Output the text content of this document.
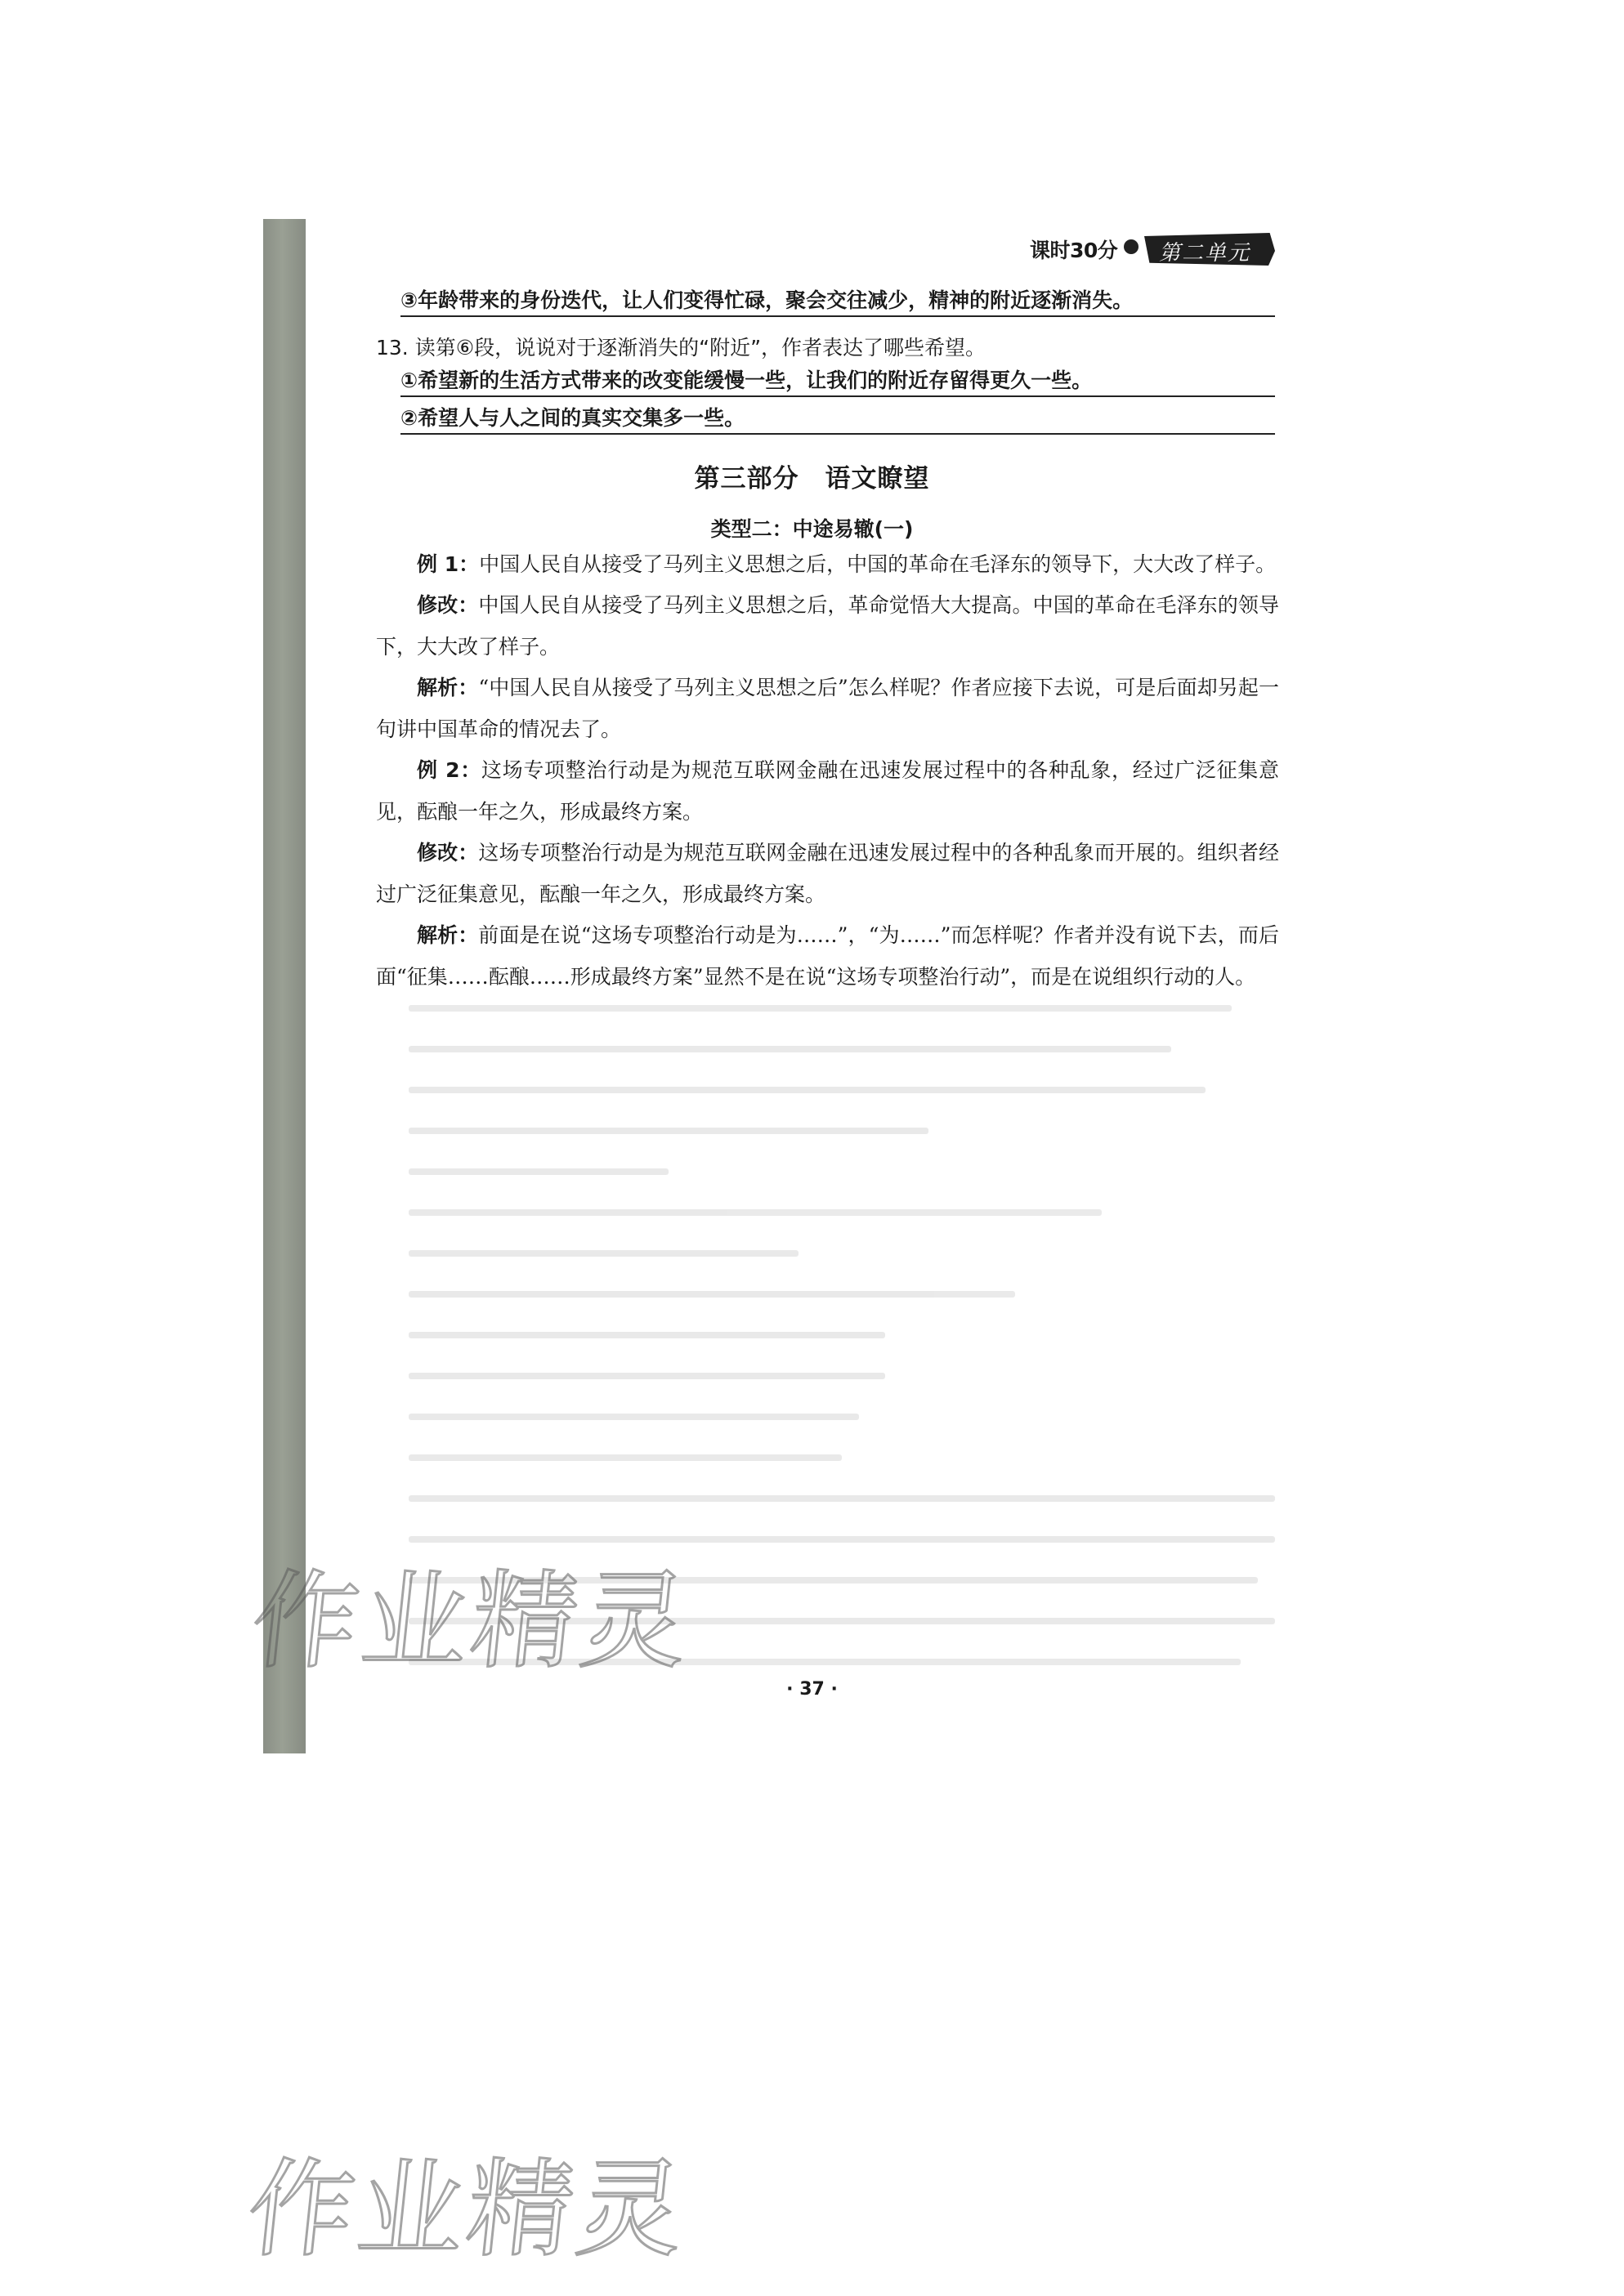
课时30分 第二单元
③年龄带来的身份迭代，让人们变得忙碌，聚会交往减少，精神的附近逐渐消失。
13. 读第⑥段，说说对于逐渐消失的“附近”，作者表达了哪些希望。
①希望新的生活方式带来的改变能缓慢一些，让我们的附近存留得更久一些。
②希望人与人之间的真实交集多一些。
第三部分　语文瞭望
类型二：中途易辙(一)
例 1：中国人民自从接受了马列主义思想之后，中国的革命在毛泽东的领导下，大大改了样子。
修改：中国人民自从接受了马列主义思想之后，革命觉悟大大提高。中国的革命在毛泽东的领导下，大大改了样子。
解析：“中国人民自从接受了马列主义思想之后”怎么样呢？作者应接下去说，可是后面却另起一句讲中国革命的情况去了。
例 2：这场专项整治行动是为规范互联网金融在迅速发展过程中的各种乱象，经过广泛征集意见，酝酿一年之久，形成最终方案。
修改：这场专项整治行动是为规范互联网金融在迅速发展过程中的各种乱象而开展的。组织者经过广泛征集意见，酝酿一年之久，形成最终方案。
解析：前面是在说“这场专项整治行动是为……”，“为……”而怎样呢？作者并没有说下去，而后面“征集……酝酿……形成最终方案”显然不是在说“这场专项整治行动”，而是在说组织行动的人。
· 37 ·
作业精灵
作业精灵
